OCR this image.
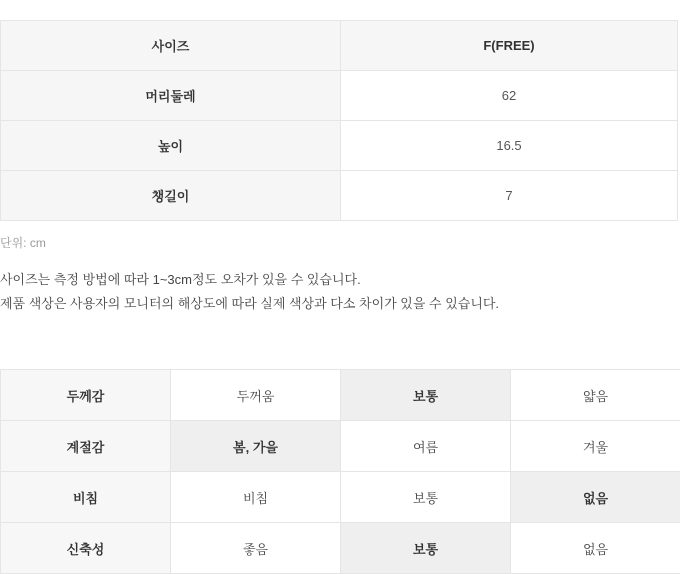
사이즈	F(FREE)
머리둘레	62
높이	16.5
챙길이	7
단위: cm

사이즈는 측정 방법에 따라 1~3cm정도 오차가 있을 수 있습니다.

제품 색상은 사용자의 모니터의 해상도에 따라 실제 색상과 다소 차이가 있을 수 있습니다.

두께감	두꺼움	보통	얇음
계절감	봄, 가을	여름	겨울
비침	비침	보통	없음
신축성	좋음	보통	없음
